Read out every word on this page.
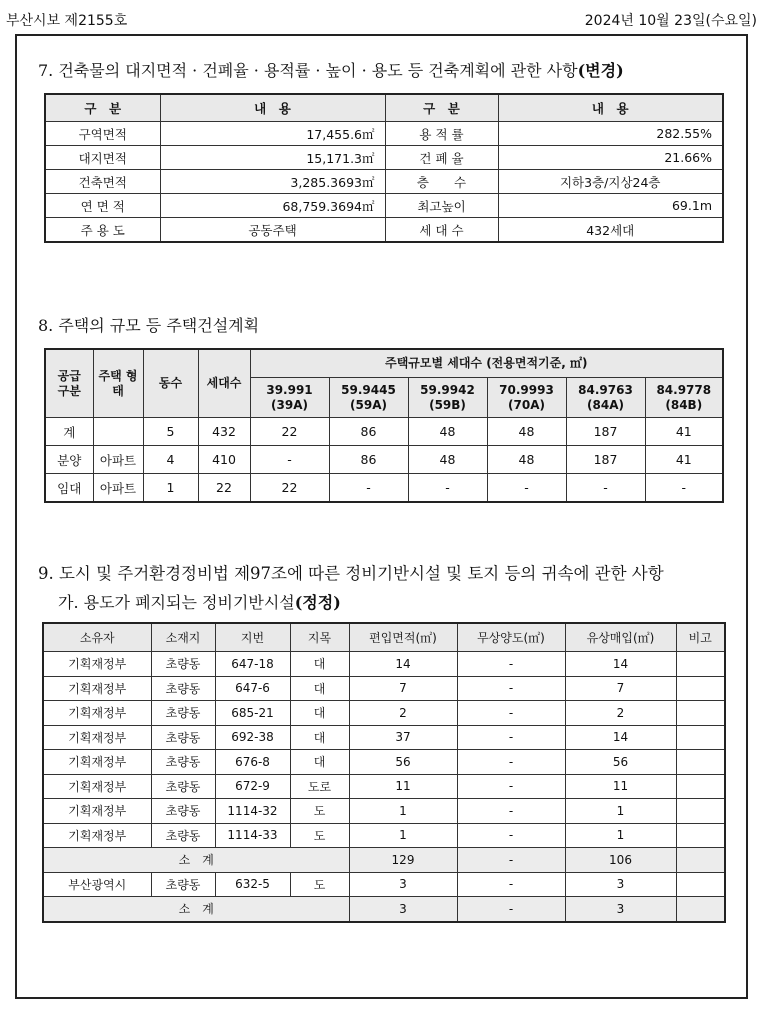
부산시보 제2155호	2024년 10월 23일(수요일)
7. 건축물의 대지면적 · 건폐율 · 용적률 · 높이 · 용도 등 건축계획에 관한 사항(변경)
구　분	내　용	구　분	내　용
구역면적	17,455.6㎡	용 적 률	282.55%
대지면적	15,171.3㎡	건 폐 율	21.66%
건축면적	3,285.3693㎡	층　　수	지하3층/지상24층
연 면 적	68,759.3694㎡	최고높이	69.1m
주 용 도	공동주택	세 대 수	432세대
8. 주택의 규모 등 주택건설계획
공급 구분	주택 형태	동수	세대수	주택규모별 세대수 (전용면적기준, ㎡)					
				39.991 (39A)	59.9445 (59A)	59.9942 (59B)	70.9993 (70A)	84.9763 (84A)	84.9778 (84B)
계		5	432	22	86	48	48	187	41
분양	아파트	4	410	-	86	48	48	187	41
임대	아파트	1	22	22	-	-	-	-	-
9. 도시 및 주거환경정비법 제97조에 따른 정비기반시설 및 토지 등의 귀속에 관한 사항
가. 용도가 폐지되는 정비기반시설(정정)
소유자	소재지	지번	지목	편입면적(㎡)	무상양도(㎡)	유상매입(㎡)	비고
기획재정부	초량동	647-18	대	14	-	14	
기획재정부	초량동	647-6	대	7	-	7	
기획재정부	초량동	685-21	대	2	-	2	
기획재정부	초량동	692-38	대	37	-	14	
기획재정부	초량동	676-8	대	56	-	56	
기획재정부	초량동	672-9	도로	11	-	11	
기획재정부	초량동	1114-32	도	1	-	1	
기획재정부	초량동	1114-33	도	1	-	1	
소　계				129	-	106	
부산광역시	초량동	632-5	도	3	-	3	
소　계				3	-	3	
